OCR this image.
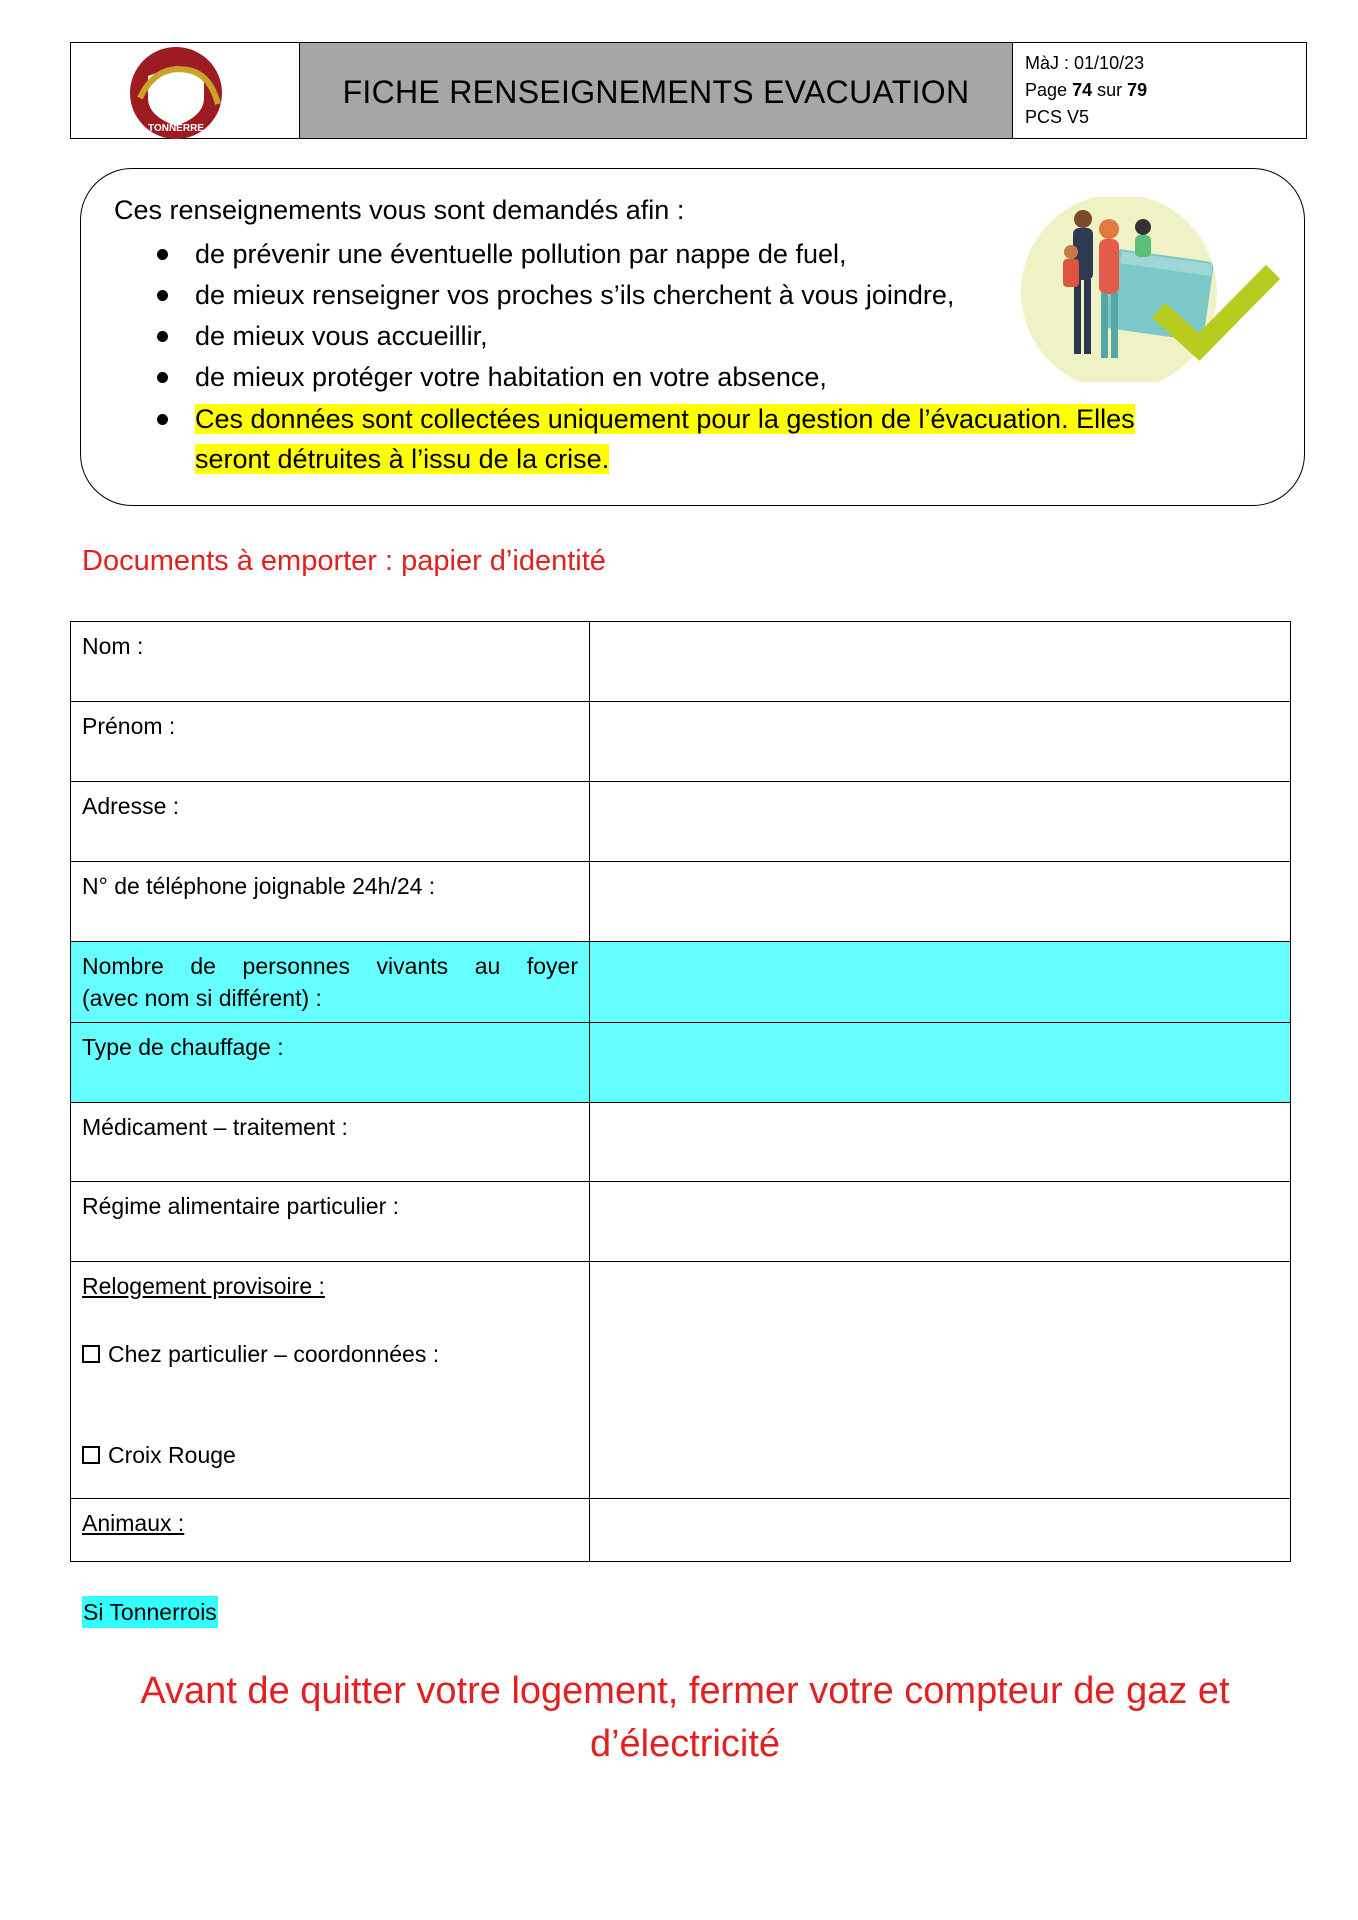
TONNERRE
FICHE RENSEIGNEMENTS EVACUATION
MàJ : 01/10/23
Page 74 sur 79
PCS V5
Ces renseignements vous sont demandés afin :
de prévenir une éventuelle pollution par nappe de fuel,
de mieux renseigner vos proches s’ils cherchent à vous joindre,
de mieux vous accueillir,
de mieux protéger votre habitation en votre absence,
Ces données sont collectées uniquement pour la gestion de l’évacuation. Elles seront détruites à l’issu de la crise.
Documents à emporter : papier d’identité
Nom :	
Prénom :	
Adresse :	
N° de téléphone joignable 24h/24 :	

Nombre de personnes vivants au foyer
(avec nom si différent) :	

Type de chauffage :	
Médicament – traitement :	
Régime alimentaire particulier :	

Relogement provisoire :
Chez particulier – coordonnées :
Croix Rouge	

Animaux :	
Si Tonnerrois
Avant de quitter votre logement, fermer votre compteur de gaz et d’électricité
